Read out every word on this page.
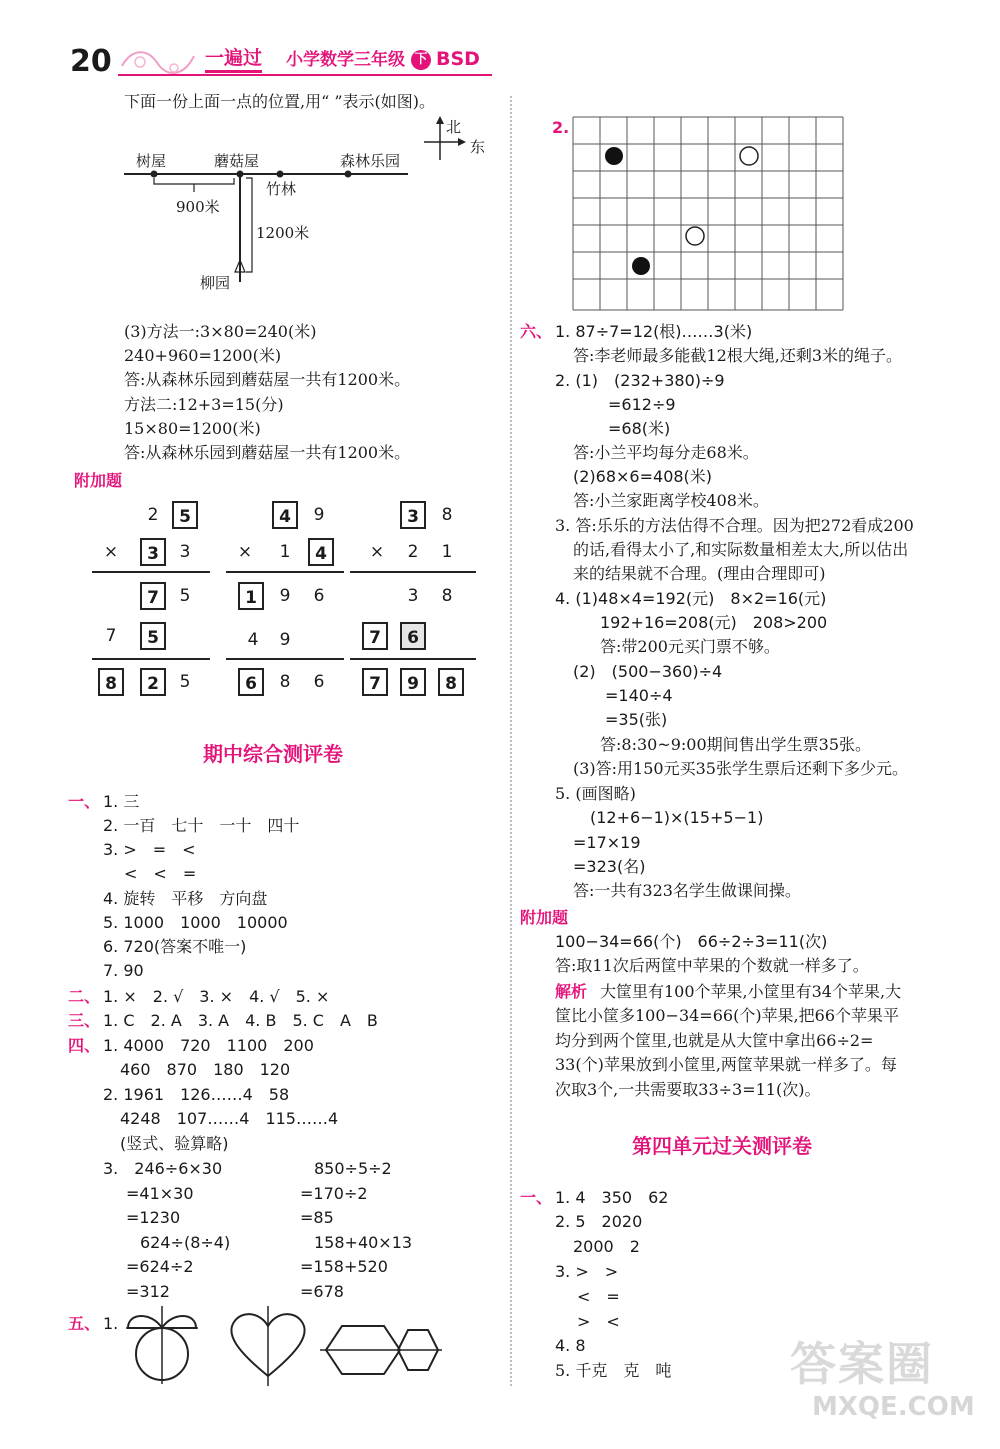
20	一遍过 小学数学三年级 下 BSD
下面一份上面一点的位置,用“ ”表示(如图)。
北
东
树屋	蘑菇屋	森林乐园
竹林
柳园
900米
1200米
(3)方法一:3×80=240(米)
240+960=1200(米)
答:从森林乐园到蘑菇屋一共有1200米。
方法二:12+3=15(分)
15×80=1200(米)
答:从森林乐园到蘑菇屋一共有1200米。
附加题
2	5
×	3	3
7	5
7	5
8	2	5
4	9
×	1	4
1	9	6
4	9
6	8	6
3	8
×	2	1
3	8
7	6
7	9	8
期中综合测评卷
一、 1. 三
2. 一百　七十　一十　四十
3. >　=　<
<　<　=
4. 旋转　平移　方向盘
5. 1000　1000　10000
6. 720(答案不唯一)
7. 90
二、 1. ×　2. √　3. ×　4. √　5. ×
三、 1. C　2. A　3. A　4. B　5. C　A　B
四、 1. 4000　720　1100　200
460　870　180　120
2. 1961　126……4　58
4248　107……4　115……4
(竖式、验算略)
3.　246÷6×30
=41×30
=1230
624÷(8÷4)
=624÷2
=312
850÷5÷2
=170÷2
=85
158+40×13
=158+520
=678
五、 1.
2.
六、 1. 87÷7=12(根)……3(米)
答:李老师最多能截12根大绳,还剩3米的绳子。
2. (1)　(232+380)÷9
=612÷9
=68(米)
答:小兰平均每分走68米。
(2)68×6=408(米)
答:小兰家距离学校408米。
3. 答:乐乐的方法估得不合理。因为把272看成200
的话,看得太小了,和实际数量相差太大,所以估出
来的结果就不合理。(理由合理即可)
4. (1)48×4=192(元)　8×2=16(元)
192+16=208(元)　208>200
答:带200元买门票不够。
(2)　(500−360)÷4
=140÷4
=35(张)
答:8:30~9:00期间售出学生票35张。
(3)答:用150元买35张学生票后还剩下多少元。
5. (画图略)
(12+6−1)×(15+5−1)
=17×19
=323(名)
答:一共有323名学生做课间操。
附加题
100−34=66(个)　66÷2÷3=11(次)
答:取11次后两筐中苹果的个数就一样多了。
解析 大筐里有100个苹果,小筐里有34个苹果,大
筐比小筐多100−34=66(个)苹果,把66个苹果平
均分到两个筐里,也就是从大筐中拿出66÷2=
33(个)苹果放到小筐里,两筐苹果就一样多了。每
次取3个,一共需要取33÷3=11(次)。
第四单元过关测评卷
一、 1. 4　350　62
2. 5　2020
2000　2
3. >　>
<　=
>　<
4. 8
5. 千克　克　吨	答案圈
MXQE.COM
